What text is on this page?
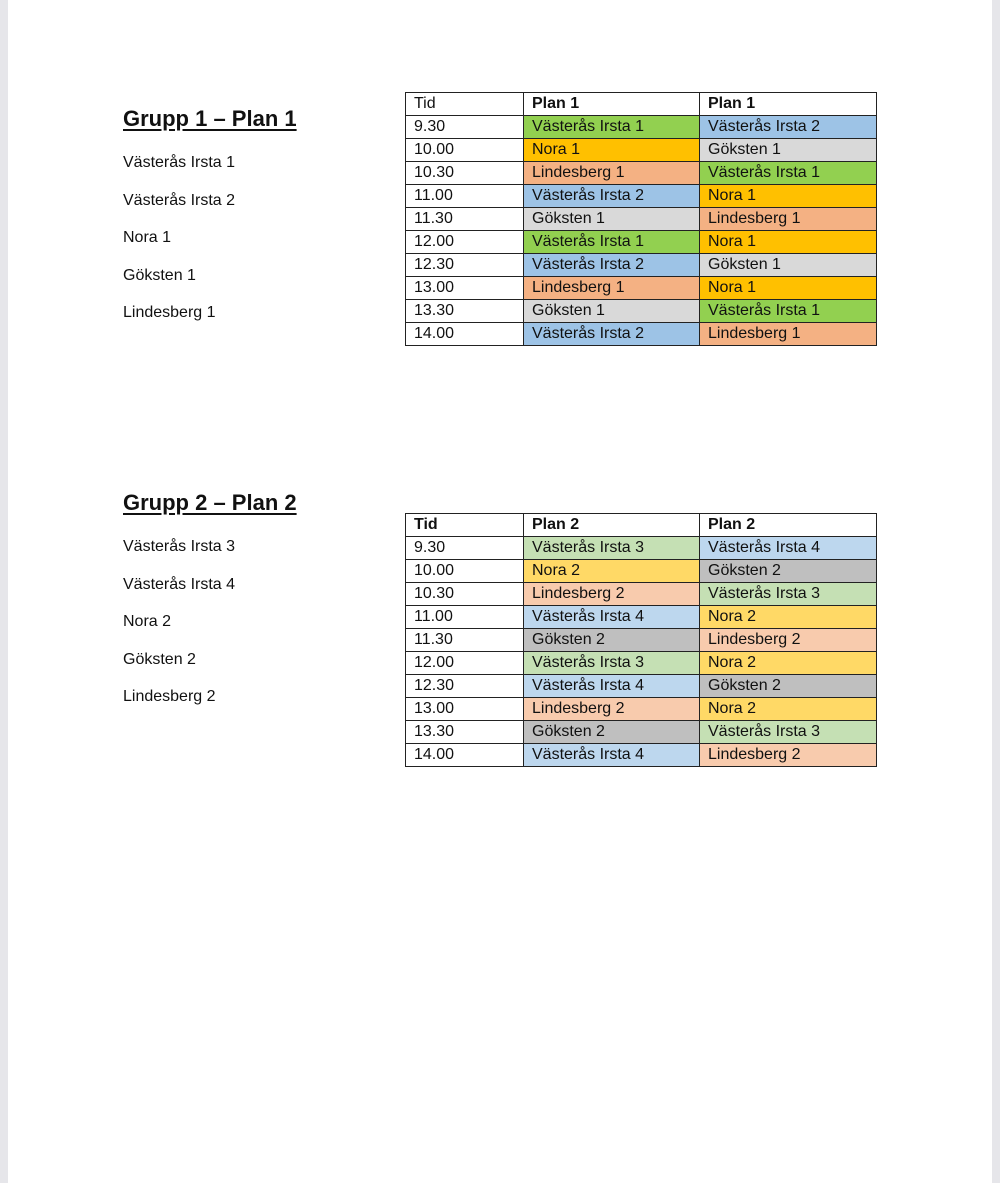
Grupp 1 – Plan 1
Västerås Irsta 1
Västerås Irsta 2
Nora 1
Göksten 1
Lindesberg 1
Tid	Plan 1	Plan 1
9.30	Västerås Irsta 1	Västerås Irsta 2
10.00	Nora 1	Göksten 1
10.30	Lindesberg 1	Västerås Irsta 1
11.00	Västerås Irsta 2	Nora 1
11.30	Göksten 1	Lindesberg 1
12.00	Västerås Irsta 1	Nora 1
12.30	Västerås Irsta 2	Göksten 1
13.00	Lindesberg 1	Nora 1
13.30	Göksten 1	Västerås Irsta 1
14.00	Västerås Irsta 2	Lindesberg 1
Grupp 2 – Plan 2
Västerås Irsta 3
Västerås Irsta 4
Nora 2
Göksten 2
Lindesberg 2
Tid	Plan 2	Plan 2
9.30	Västerås Irsta 3	Västerås Irsta 4
10.00	Nora 2	Göksten 2
10.30	Lindesberg 2	Västerås Irsta 3
11.00	Västerås Irsta 4	Nora 2
11.30	Göksten 2	Lindesberg 2
12.00	Västerås Irsta 3	Nora 2
12.30	Västerås Irsta 4	Göksten 2
13.00	Lindesberg 2	Nora 2
13.30	Göksten 2	Västerås Irsta 3
14.00	Västerås Irsta 4	Lindesberg 2
